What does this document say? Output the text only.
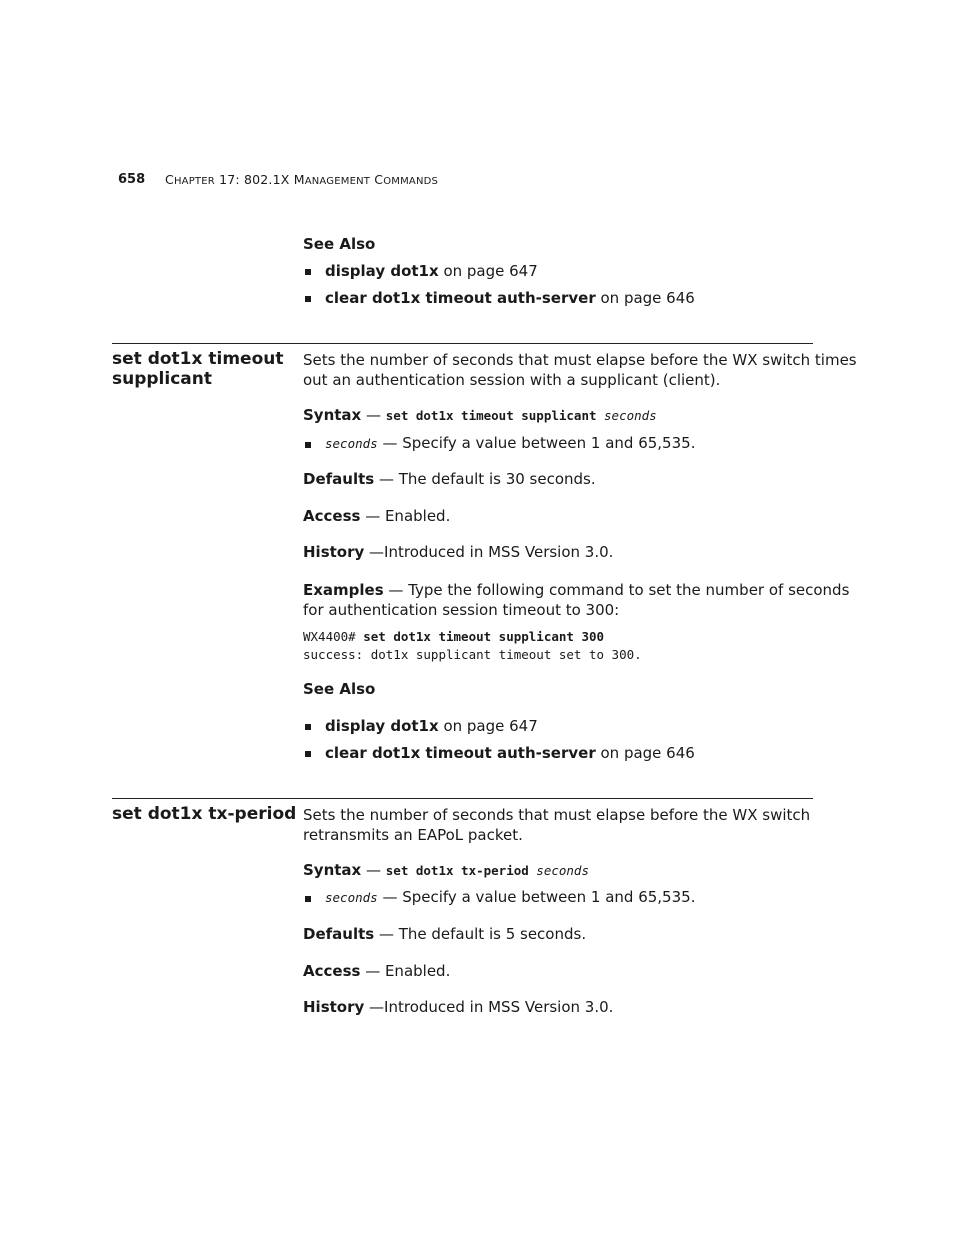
658 CHAPTER 17: 802.1X MANAGEMENT COMMANDS
See Also
display dot1x on page 647
clear dot1x timeout auth-server on page 646
set dot1x timeout
supplicant
Sets the number of seconds that must elapse before the WX switch times
out an authentication session with a supplicant (client).
Syntax — set dot1x timeout supplicant seconds
seconds — Specify a value between 1 and 65,535.
Defaults — The default is 30 seconds.
Access — Enabled.
History —Introduced in MSS Version 3.0.
Examples — Type the following command to set the number of seconds
for authentication session timeout to 300:
WX4400# set dot1x timeout supplicant 300
success: dot1x supplicant timeout set to 300.
See Also
display dot1x on page 647
clear dot1x timeout auth-server on page 646
set dot1x tx-period Sets the number of seconds that must elapse before the WX switch
retransmits an EAPoL packet.
Syntax — set dot1x tx-period seconds
seconds — Specify a value between 1 and 65,535.
Defaults — The default is 5 seconds.
Access — Enabled.
History —Introduced in MSS Version 3.0.
